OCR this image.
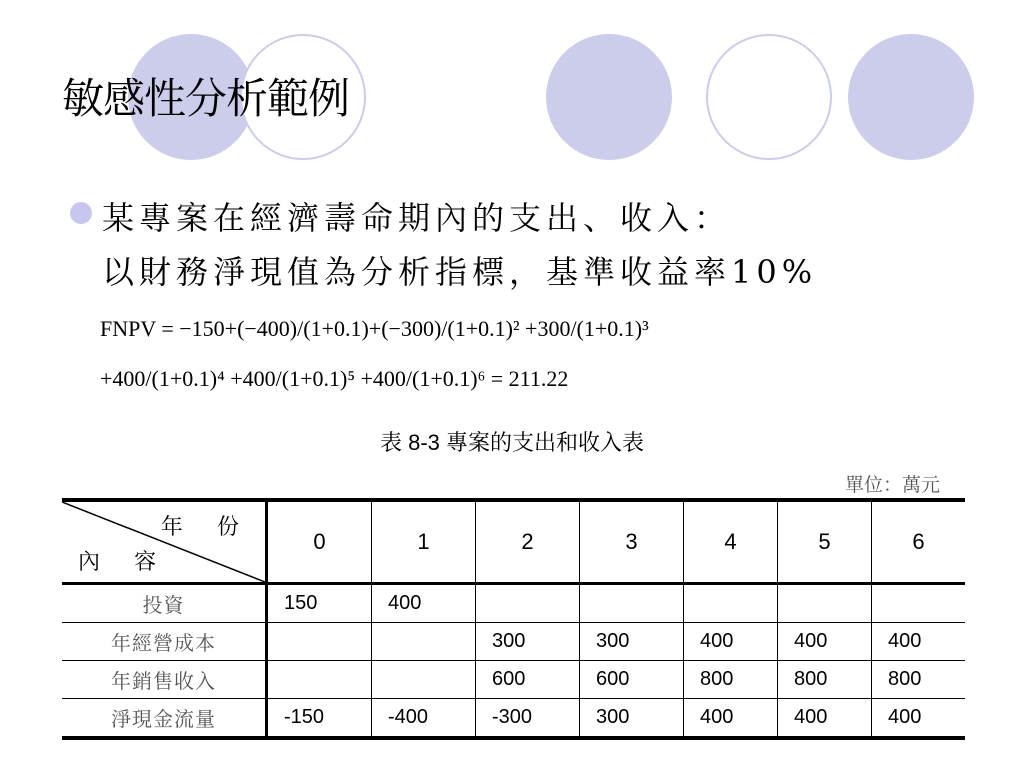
敏感性分析範例
某專案在經濟壽命期內的支出、收入：
以財務淨現值為分析指標，基準收益率10%
FNPV = −150+(−400)/(1+0.1)+(−300)/(1+0.1)² +300/(1+0.1)³
+400/(1+0.1)⁴ +400/(1+0.1)⁵ +400/(1+0.1)⁶ = 211.22
表 8-3 專案的支出和收入表
單位：萬元
年 份
內 容	0	1	2	3	4	5	6
投資	150	400					
年經營成本			300	300	400	400	400
年銷售收入			600	600	800	800	800
淨現金流量	-150	-400	-300	300	400	400	400
